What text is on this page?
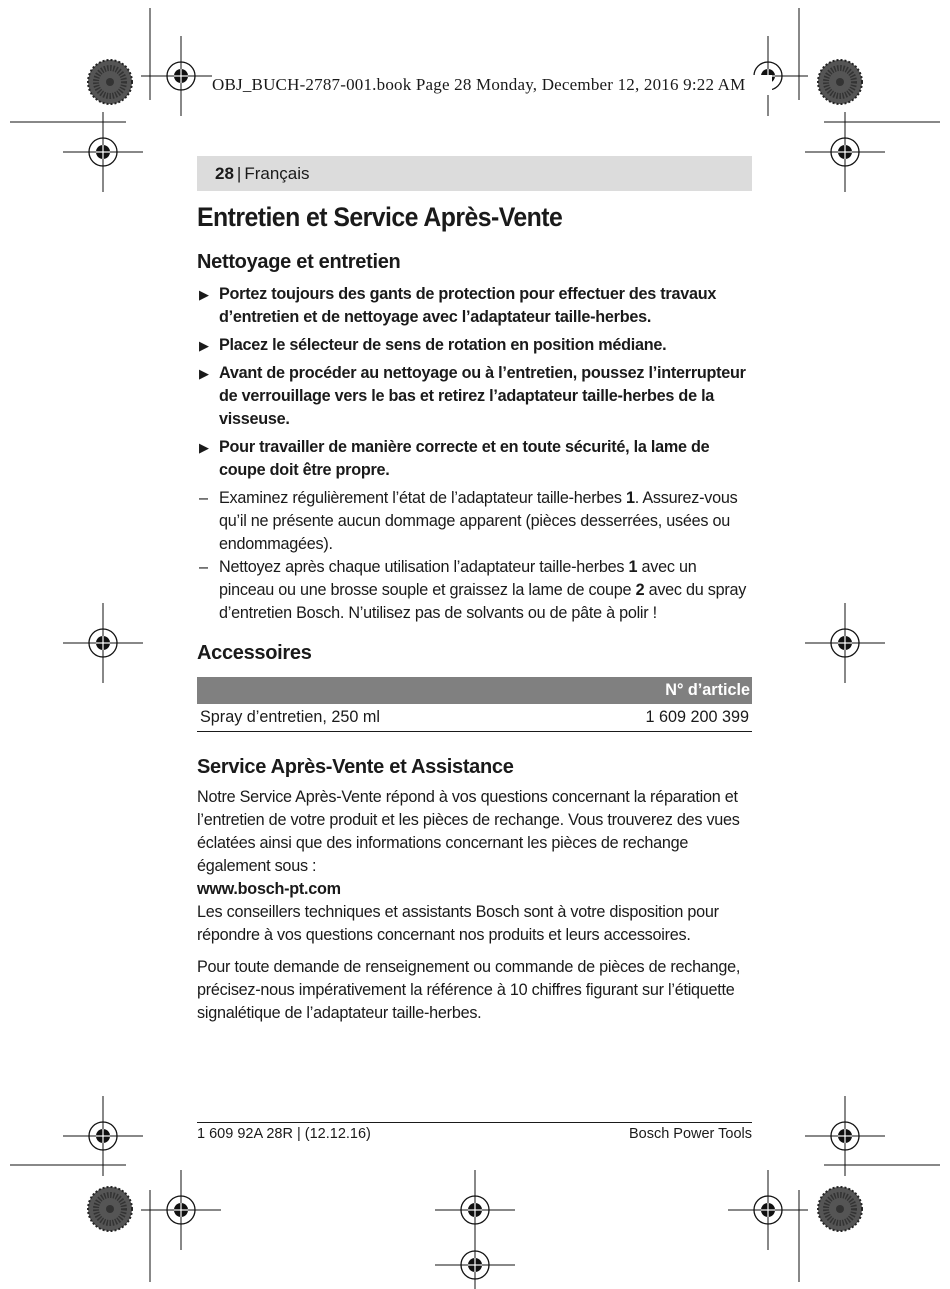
OBJ_BUCH-2787-001.book Page 28 Monday, December 12, 2016 9:22 AM
28 | Français
Entretien et Service Après-Vente
Nettoyage et entretien
▶ Portez toujours des gants de protection pour effectuer des travaux d’entretien et de nettoyage avec l’adaptateur taille-herbes.
▶ Placez le sélecteur de sens de rotation en position médiane.
▶ Avant de procéder au nettoyage ou à l’entretien, poussez l’interrupteur de verrouillage vers le bas et retirez l’adaptateur taille-herbes de la visseuse.
▶ Pour travailler de manière correcte et en toute sécurité, la lame de coupe doit être propre.
– Examinez régulièrement l’état de l’adaptateur taille-herbes 1. Assurez-vous qu’il ne présente aucun dommage apparent (pièces desserrées, usées ou endommagées).
– Nettoyez après chaque utilisation l’adaptateur taille-herbes 1 avec un pinceau ou une brosse souple et graissez la lame de coupe 2 avec du spray d’entretien Bosch. N’utilisez pas de solvants ou de pâte à polir !
Accessoires
N° d’article
Spray d’entretien, 250 ml	1 609 200 399
Service Après-Vente et Assistance

Notre Service Après-Vente répond à vos questions concernant la réparation et l’entretien de votre produit et les pièces de rechange. Vous trouverez des vues éclatées ainsi que des informations concernant les pièces de rechange également sous :
www.bosch-pt.com
Les conseillers techniques et assistants Bosch sont à votre disposition pour répondre à vos questions concernant nos produits et leurs accessoires.

Pour toute demande de renseignement ou commande de pièces de rechange, précisez-nous impérativement la référence à 10 chiffres figurant sur l’étiquette signalétique de l’adaptateur taille-herbes.

1 609 92A 28R | (12.12.16)	Bosch Power Tools
